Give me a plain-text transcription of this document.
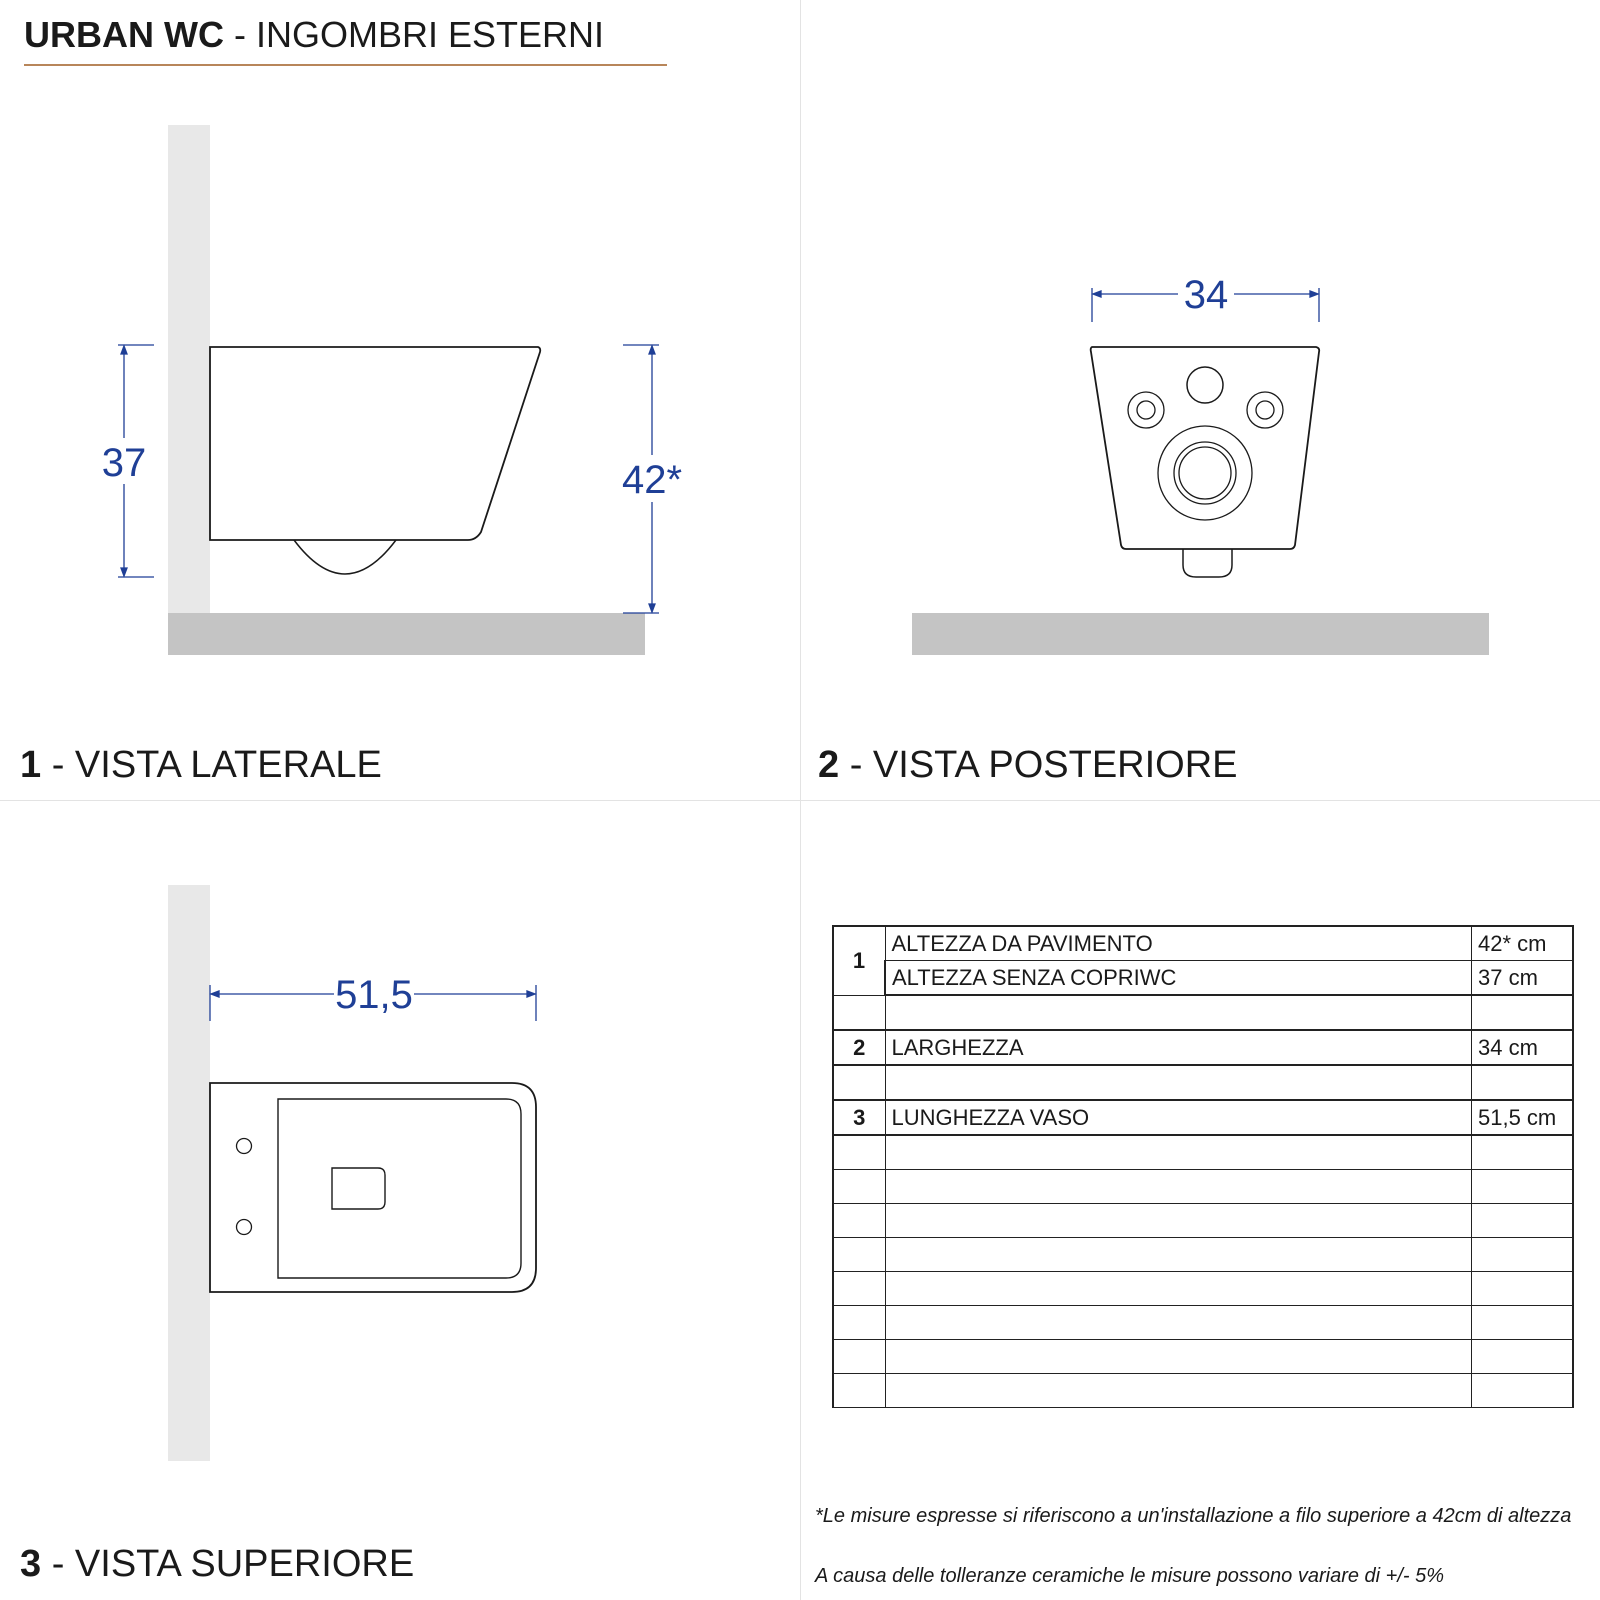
URBAN WC - INGOMBRI ESTERNI
37	42*
34
51,5
1 - VISTA LATERALE	2 - VISTA POSTERIORE
3 - VISTA SUPERIORE
1	ALTEZZA DA PAVIMENTO	42* cm
	ALTEZZA SENZA COPRIWC	37 cm

2	LARGHEZZA	34 cm

3	LUNGHEZZA VASO	51,5 cm

*Le misure espresse si riferiscono a un'installazione a filo superiore a 42cm di altezza
A causa delle tolleranze ceramiche le misure possono variare di +/- 5%
